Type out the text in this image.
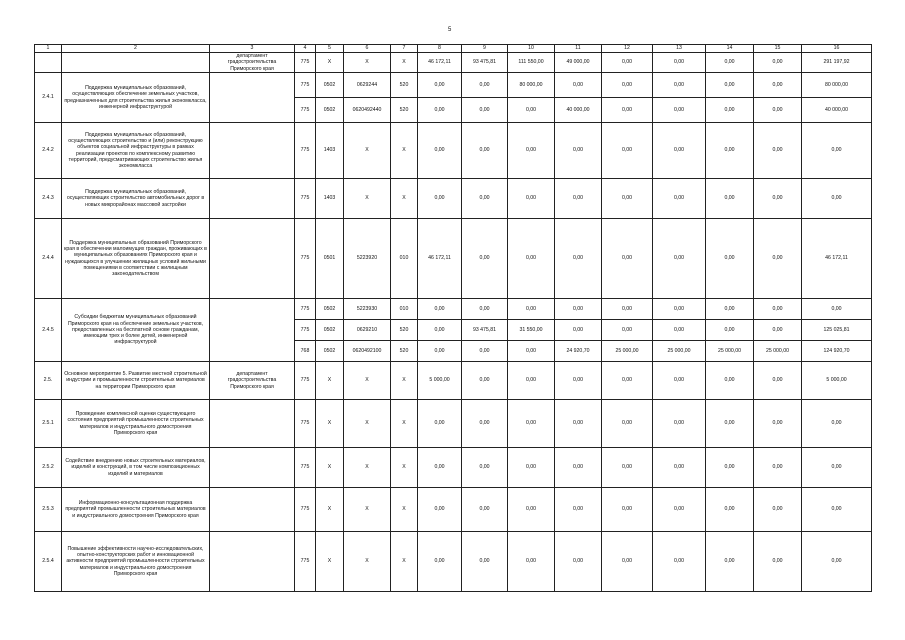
5
1	2	3	4	5	6	7	8	9	10	11	12	13	14	15	16
		департамент градостроительства Приморского края	775	X	X	X	46 172,11	93 475,81	111 550,00	49 000,00	0,00	0,00	0,00	0,00	291 197,92
2.4.1	Поддержка муниципальных образований, осуществляющих обеспечение земельных участков, предназначенных для строительства жилья экономкласса, инженерной инфраструктурой		775	0502	0629244	520	0,00	0,00	80 000,00	0,00	0,00	0,00	0,00	0,00	80 000,00
			775	0502	0620492440	520	0,00	0,00	0,00	40 000,00	0,00	0,00	0,00	0,00	40 000,00
2.4.2	Поддержка муниципальных образований, осуществляющих строительство и (или) реконструкцию объектов социальной инфраструктуры в рамках реализации проектов по комплексному развитию территорий, предусматривающих строительство жилья экономкласса		775	1403	X	X	0,00	0,00	0,00	0,00	0,00	0,00	0,00	0,00	0,00
2.4.3	Поддержка муниципальных образований, осуществляющих строительство автомобильных дорог в новых микрорайонах массовой застройки		775	1403	X	X	0,00	0,00	0,00	0,00	0,00	0,00	0,00	0,00	0,00
2.4.4	Поддержка муниципальных образований Приморского края в обеспечении малоимущих граждан, проживающих в муниципальных образованиях Приморского края и нуждающихся в улучшении жилищных условий жильными помещениями в соответствии с жилищным законодательством		775	0501	5223920	010	46 172,11	0,00	0,00	0,00	0,00	0,00	0,00	0,00	46 172,11
2.4.5	Субсидии бюджетам муниципальных образований Приморского края на обеспечение земельных участков, предоставленных на бесплатной основе гражданам, имеющим трех и более детей, инженерной инфраструктурой		775	0502	5223930	010	0,00	0,00	0,00	0,00	0,00	0,00	0,00	0,00	0,00
			775	0502	0629210	520	0,00	93 475,81	31 550,00	0,00	0,00	0,00	0,00	0,00	125 025,81
			768	0502	0620492100	520	0,00	0,00	0,00	24 920,70	25 000,00	25 000,00	25 000,00	25 000,00	124 920,70
2.5.	Основное мероприятие 5. Развитие местной строительной индустрии и промышленности строительных материалов на территории Приморского края	департамент градостроительства Приморского края	775	X	X	X	5 000,00	0,00	0,00	0,00	0,00	0,00	0,00	0,00	5 000,00
2.5.1	Проведение комплексной оценки существующего состояния предприятий промышленности строительных материалов и индустриального домостроения Приморского края		775	X	X	X	0,00	0,00	0,00	0,00	0,00	0,00	0,00	0,00	0,00
2.5.2	Содействие внедрению новых строительных материалов, изделий и конструкций, в том числе композиционных изделий и материалов		775	X	X	X	0,00	0,00	0,00	0,00	0,00	0,00	0,00	0,00	0,00
2.5.3	Информационно-консультационная поддержка предприятий промышленности строительных материалов и индустриального домостроения Приморского края		775	X	X	X	0,00	0,00	0,00	0,00	0,00	0,00	0,00	0,00	0,00
2.5.4	Повышение эффективности научно-исследовательских, опытно-конструкторских работ и инновационной активности предприятий промышленности строительных материалов и индустриального домостроения Приморского края		775	X	X	X	0,00	0,00	0,00	0,00	0,00	0,00	0,00	0,00	0,00
